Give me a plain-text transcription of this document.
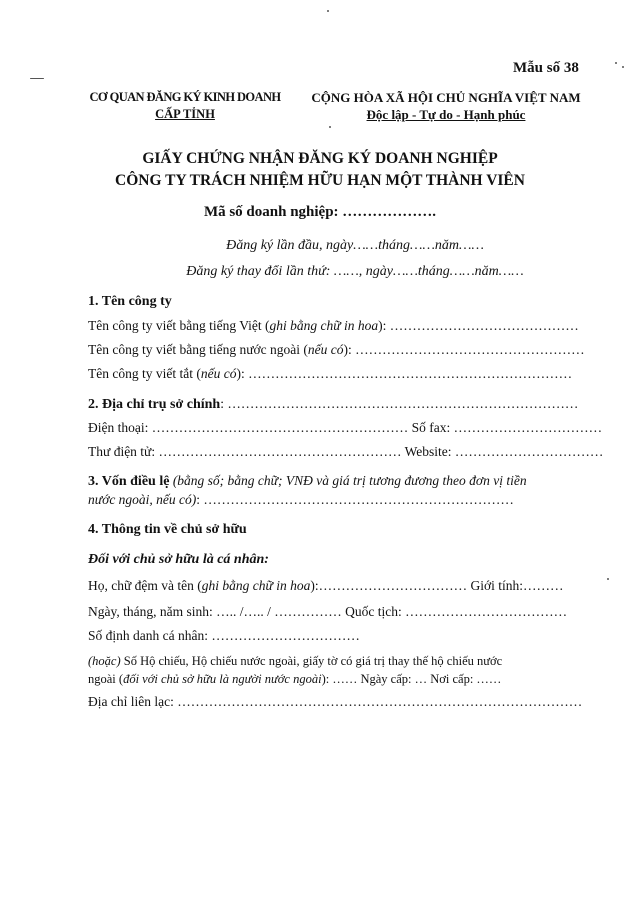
Mẫu số 38
CƠ QUAN ĐĂNG KÝ KINH DOANH
CẤP TỈNH
CỘNG HÒA XÃ HỘI CHỦ NGHĨA VIỆT NAM
Độc lập - Tự do - Hạnh phúc
GIẤY CHỨNG NHẬN ĐĂNG KÝ DOANH NGHIỆP
CÔNG TY TRÁCH NHIỆM HỮU HẠN MỘT THÀNH VIÊN
Mã số doanh nghiệp: ……………….
Đăng ký lần đầu, ngày……tháng……năm……
Đăng ký thay đổi lần thứ: ……, ngày……tháng……năm……
1. Tên công ty
Tên công ty viết bằng tiếng Việt (ghi bằng chữ in hoa): ……………………………………
Tên công ty viết bằng tiếng nước ngoài (nếu có): ……………………………………………
Tên công ty viết tắt (nếu có): ………………………………………………………………
2. Địa chỉ trụ sở chính: ……………………………………………………………………
Điện thoại: ………………………………………………… Số fax: ……………………………
Thư điện tử: ……………………………………………… Website: ……………………………
3. Vốn điều lệ (bằng số; bằng chữ; VNĐ và giá trị tương đương theo đơn vị tiền
nước ngoài, nếu có): ……………………………………………………………
4. Thông tin về chủ sở hữu
Đối với chủ sở hữu là cá nhân:
Họ, chữ đệm và tên (ghi bằng chữ in hoa):…………………………… Giới tính:………
Ngày, tháng, năm sinh: ….. /….. / …………… Quốc tịch: ………………………………
Số định danh cá nhân: ……………………………
(hoặc) Số Hộ chiếu, Hộ chiếu nước ngoài, giấy tờ có giá trị thay thế hộ chiếu nước
ngoài (đối với chủ sở hữu là người nước ngoài): …… Ngày cấp: … Nơi cấp: ……
Địa chỉ liên lạc: ………………………………………………………………………………
